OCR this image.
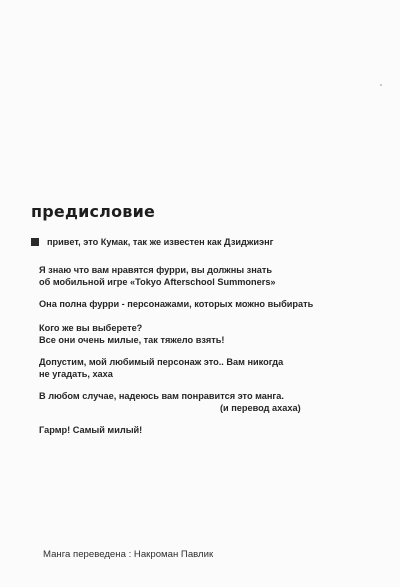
предисловие
привет, это Кумак, так же известен как Дзиджиэнг
Я знаю что вам нравятся фурри, вы должны знать
об мобильной игре «Tokyo Afterschool Summoners»
Она полна фурри - персонажами, которых можно выбирать
Кого же вы выберете?
Все они очень милые, так тяжело взять!
Допустим, мой любимый персонаж это.. Вам никогда
не угадать, хаха
В любом случае, надеюсь вам понравится это манга.
(и перевод ахаха)
Гармр! Самый милый!
Манга переведена : Накроман Павлик
